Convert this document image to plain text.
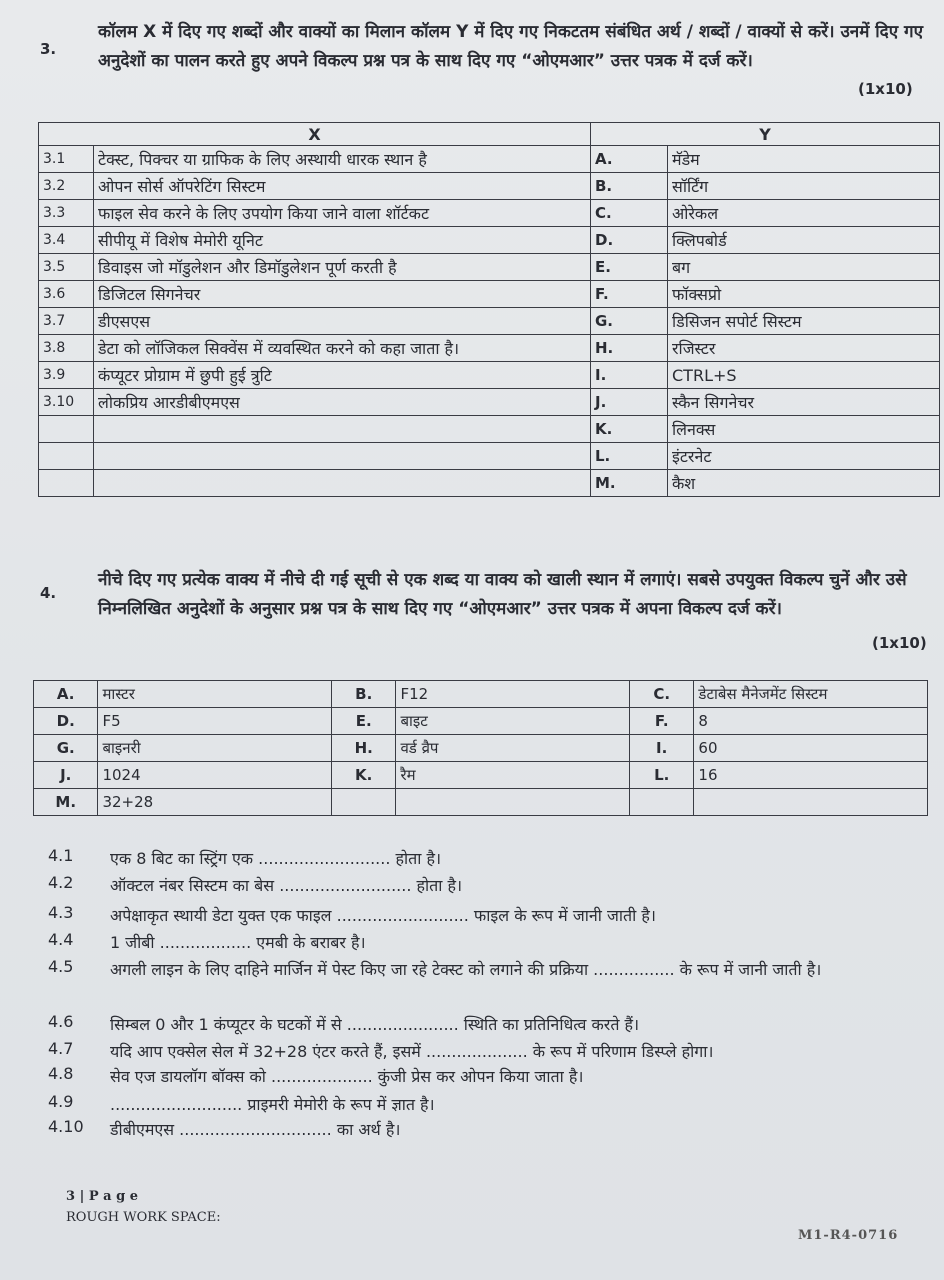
3.
कॉलम X में दिए गए शब्दों और वाक्यों का मिलान कॉलम Y में दिए गए निकटतम संबंधित अर्थ / शब्दों / वाक्यों से करें। उनमें दिए गए अनुदेशों का पालन करते हुए अपने विकल्प प्रश्न पत्र के साथ दिए गए “ओएमआर” उत्तर पत्रक में दर्ज करें।
(1x10)
X		Y	
3.1	टेक्स्ट, पिक्चर या ग्राफिक के लिए अस्थायी धारक स्थान है	A.	मॅडेम
3.2	ओपन सोर्स ऑपरेटिंग सिस्टम	B.	सॉर्टिंग
3.3	फाइल सेव करने के लिए उपयोग किया जाने वाला शॉर्टकट	C.	ओरेकल
3.4	सीपीयू में विशेष मेमोरी यूनिट	D.	क्लिपबोर्ड
3.5	डिवाइस जो मॉडुलेशन और डिमॉडुलेशन पूर्ण करती है	E.	बग
3.6	डिजिटल सिगनेचर	F.	फॉक्सप्रो
3.7	डीएसएस	G.	डिसिजन सपोर्ट सिस्टम
3.8	डेटा को लॉजिकल सिक्वेंस में व्यवस्थित करने को कहा जाता है।	H.	रजिस्टर
3.9	कंप्यूटर प्रोग्राम में छुपी हुई त्रुटि	I.	CTRL+S
3.10	लोकप्रिय आरडीबीएमएस	J.	स्कैन सिगनेचर
		K.	लिनक्स
		L.	इंटरनेट
		M.	कैश
4.
नीचे दिए गए प्रत्येक वाक्य में नीचे दी गई सूची से एक शब्द या वाक्य को खाली स्थान में लगाएं। सबसे उपयुक्त विकल्प चुनें और उसे निम्नलिखित अनुदेशों के अनुसार प्रश्न पत्र के साथ दिए गए “ओएमआर” उत्तर पत्रक में अपना विकल्प दर्ज करें।
(1x10)
A.	मास्टर	B.	F12	C.	डेटाबेस मैनेजमेंट सिस्टम
D.	F5	E.	बाइट	F.	8
G.	बाइनरी	H.	वर्ड व्रैप	I.	60
J.	1024	K.	रैम	L.	16
M.	32+28				
4.1	एक 8 बिट का स्ट्रिंग एक .......................... होता है।
4.2	ऑक्टल नंबर सिस्टम का बेस .......................... होता है।
4.3	अपेक्षाकृत स्थायी डेटा युक्त एक फाइल .......................... फाइल के रूप में जानी जाती है।
4.4	1 जीबी .................. एमबी के बराबर है।
4.5	अगली लाइन के लिए दाहिने मार्जिन में पेस्ट किए जा रहे टेक्स्ट को लगाने की प्रक्रिया ................ के रूप में जानी जाती है।
4.6	सिम्बल 0 और 1 कंप्यूटर के घटकों में से ...................... स्थिति का प्रतिनिधित्व करते हैं।
4.7	यदि आप एक्सेल सेल में 32+28 एंटर करते हैं, इसमें .................... के रूप में परिणाम डिस्प्ले होगा।
4.8	सेव एज डायलॉग बॉक्स को .................... कुंजी प्रेस कर ओपन किया जाता है।
4.9	.......................... प्राइमरी मेमोरी के रूप में ज्ञात है।
4.10	डीबीएमएस .............................. का अर्थ है।
3 | P a g e
ROUGH WORK SPACE:
M1-R4-0716
